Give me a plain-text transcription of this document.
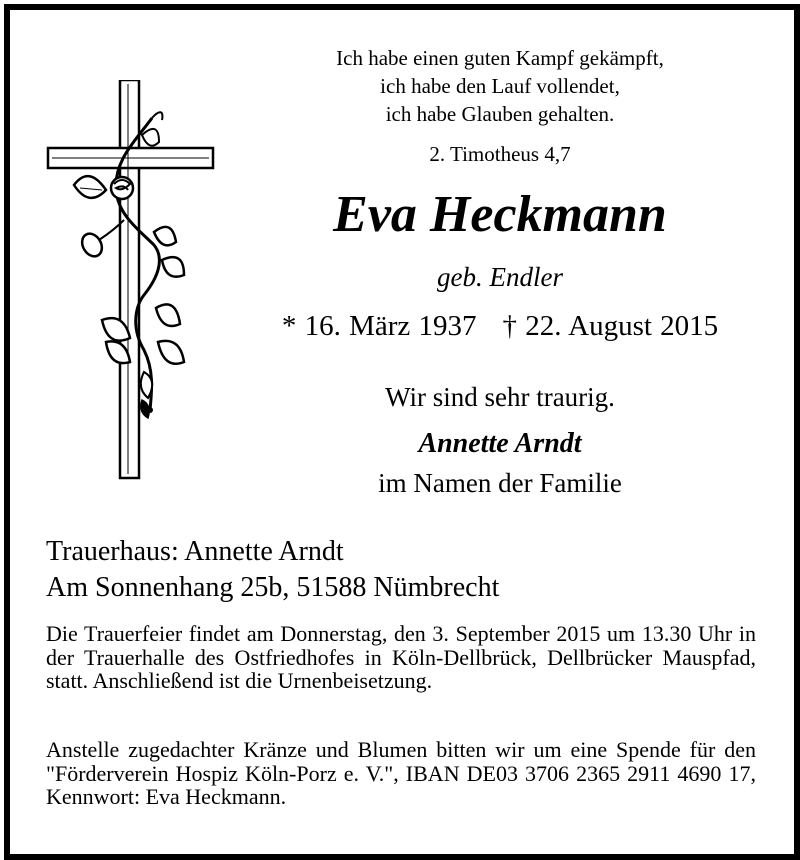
Ich habe einen guten Kampf gekämpft,
ich habe den Lauf vollendet,
ich habe Glauben gehalten.
2. Timotheus 4,7
Eva Heckmann
geb. Endler
* 16. März 1937 † 22. August 2015
Wir sind sehr traurig.
Annette Arndt
im Namen der Familie
Trauerhaus: Annette Arndt
Am Sonnenhang 25b, 51588 Nümbrecht
Die Trauerfeier findet am Donnerstag, den 3. September 2015 um 13.30 Uhr in der Trauerhalle des Ostfriedhofes in Köln-Dellbrück, Dellbrücker Mauspfad, statt. Anschließend ist die Urnenbeisetzung.
Anstelle zugedachter Kränze und Blumen bitten wir um eine Spende für den "Förderverein Hospiz Köln-Porz e. V.", IBAN DE03 3706 2365 2911 4690 17, Kennwort: Eva Heckmann.
